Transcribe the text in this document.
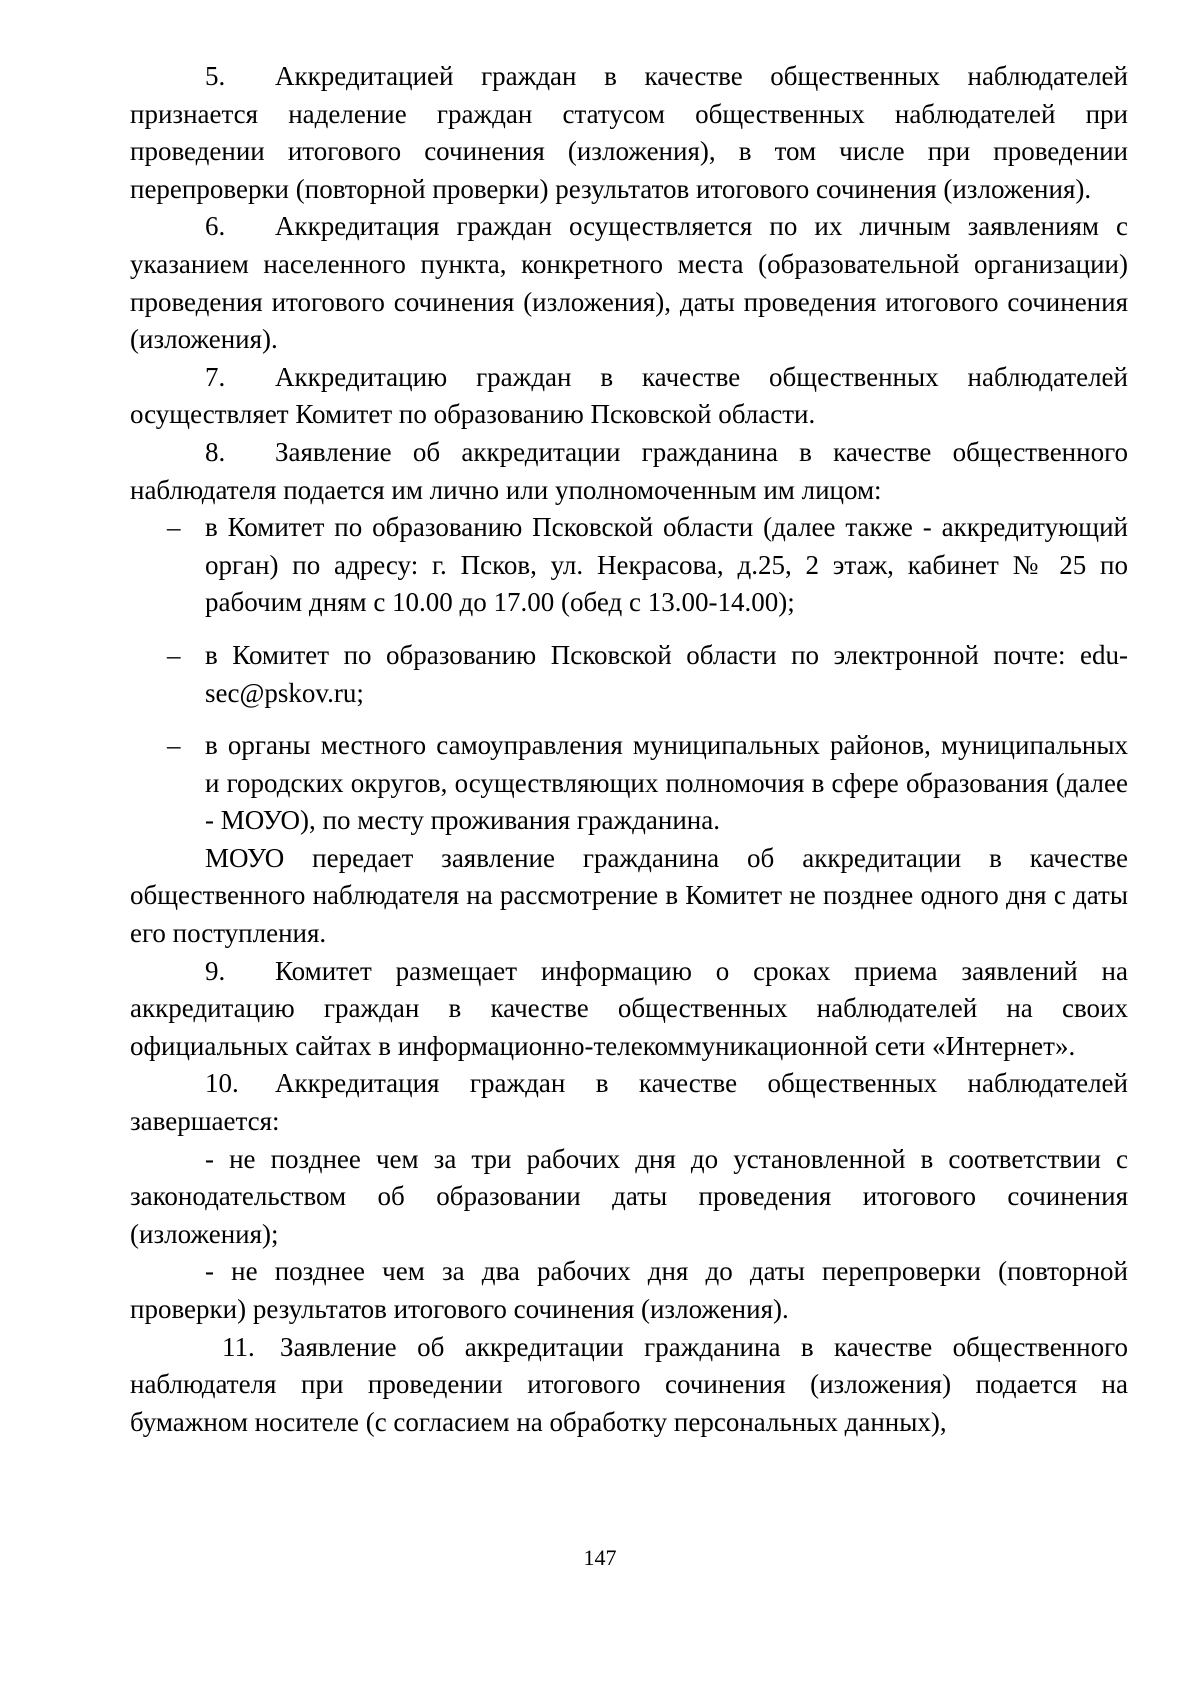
5. Аккредитацией граждан в качестве общественных наблюдателей признается наделение граждан статусом общественных наблюдателей при проведении итогового сочинения (изложения), в том числе при проведении перепроверки (повторной проверки) результатов итогового сочинения (изложения).

6. Аккредитация граждан осуществляется по их личным заявлениям с указанием населенного пункта, конкретного места (образовательной организации) проведения итогового сочинения (изложения), даты проведения итогового сочинения (изложения).

7. Аккредитацию граждан в качестве общественных наблюдателей осуществляет Комитет по образованию Псковской области.

8. Заявление об аккредитации гражданина в качестве общественного наблюдателя подается им лично или уполномоченным им лицом:

– в Комитет по образованию Псковской области (далее также - аккредитующий орган) по адресу: г. Псков, ул. Некрасова, д.25, 2 этаж, кабинет № 25 по рабочим дням с 10.00 до 17.00 (обед с 13.00-14.00);
– в Комитет по образованию Псковской области по электронной почте: edu-sec@pskov.ru;
– в органы местного самоуправления муниципальных районов, муниципальных и городских округов, осуществляющих полномочия в сфере образования (далее - МОУО), по месту проживания гражданина.

МОУО передает заявление гражданина об аккредитации в качестве общественного наблюдателя на рассмотрение в Комитет не позднее одного дня с даты его поступления.

9. Комитет размещает информацию о сроках приема заявлений на аккредитацию граждан в качестве общественных наблюдателей на своих официальных сайтах в информационно-телекоммуникационной сети «Интернет».

10. Аккредитация граждан в качестве общественных наблюдателей завершается:

- не позднее чем за три рабочих дня до установленной в соответствии с законодательством об образовании даты проведения итогового сочинения (изложения);

- не позднее чем за два рабочих дня до даты перепроверки (повторной проверки) результатов итогового сочинения (изложения).

11. Заявление об аккредитации гражданина в качестве общественного наблюдателя при проведении итогового сочинения (изложения) подается на бумажном носителе (с согласием на обработку персональных данных),

147
